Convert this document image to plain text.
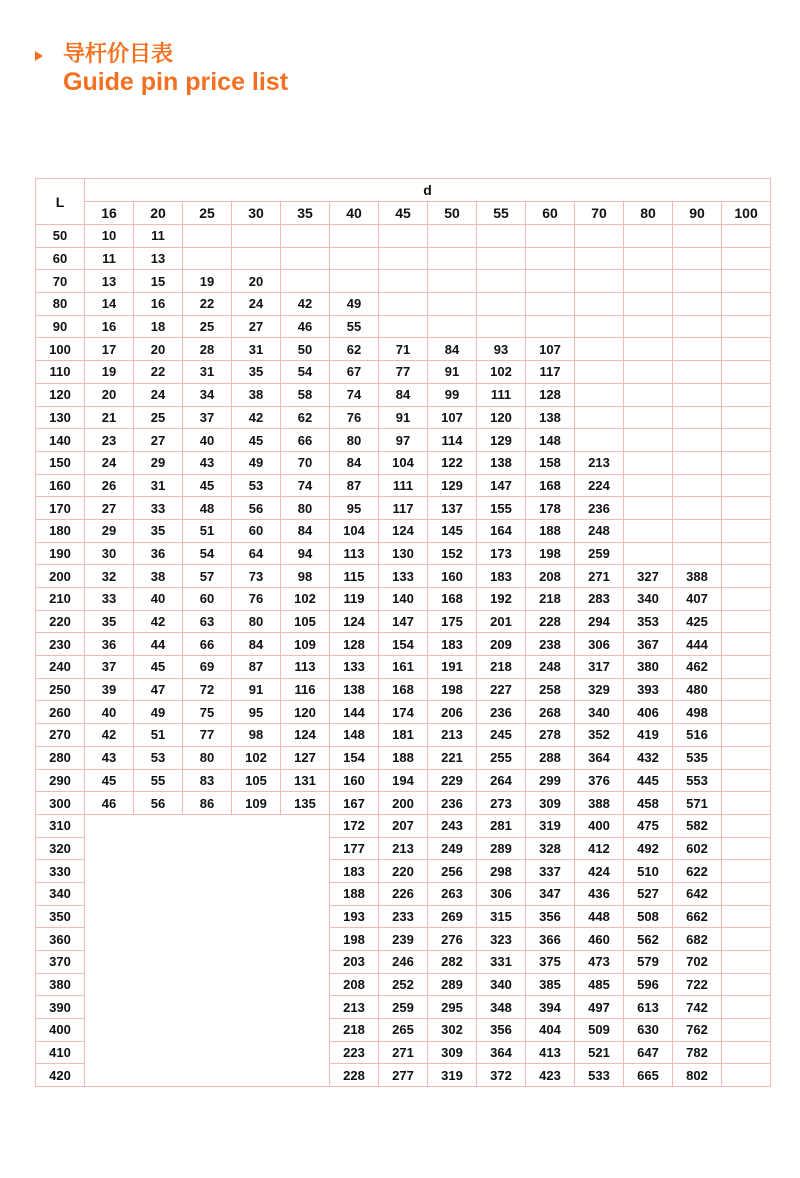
导杆价目表
Guide pin price list
L	d													
	16	20	25	30	35	40	45	50	55	60	70	80	90	100
50	10	11												
60	11	13												
70	13	15	19	20										
80	14	16	22	24	42	49								
90	16	18	25	27	46	55								
100	17	20	28	31	50	62	71	84	93	107				
110	19	22	31	35	54	67	77	91	102	117				
120	20	24	34	38	58	74	84	99	111	128				
130	21	25	37	42	62	76	91	107	120	138				
140	23	27	40	45	66	80	97	114	129	148				
150	24	29	43	49	70	84	104	122	138	158	213			
160	26	31	45	53	74	87	111	129	147	168	224			
170	27	33	48	56	80	95	117	137	155	178	236			
180	29	35	51	60	84	104	124	145	164	188	248			
190	30	36	54	64	94	113	130	152	173	198	259			
200	32	38	57	73	98	115	133	160	183	208	271	327	388	
210	33	40	60	76	102	119	140	168	192	218	283	340	407	
220	35	42	63	80	105	124	147	175	201	228	294	353	425	
230	36	44	66	84	109	128	154	183	209	238	306	367	444	
240	37	45	69	87	113	133	161	191	218	248	317	380	462	
250	39	47	72	91	116	138	168	198	227	258	329	393	480	
260	40	49	75	95	120	144	174	206	236	268	340	406	498	
270	42	51	77	98	124	148	181	213	245	278	352	419	516	
280	43	53	80	102	127	154	188	221	255	288	364	432	535	
290	45	55	83	105	131	160	194	229	264	299	376	445	553	
300	46	56	86	109	135	167	200	236	273	309	388	458	571	
310						172	207	243	281	319	400	475	582	
320						177	213	249	289	328	412	492	602	
330						183	220	256	298	337	424	510	622	
340						188	226	263	306	347	436	527	642	
350						193	233	269	315	356	448	508	662	
360						198	239	276	323	366	460	562	682	
370						203	246	282	331	375	473	579	702	
380						208	252	289	340	385	485	596	722	
390						213	259	295	348	394	497	613	742	
400						218	265	302	356	404	509	630	762	
410						223	271	309	364	413	521	647	782	
420						228	277	319	372	423	533	665	802	
